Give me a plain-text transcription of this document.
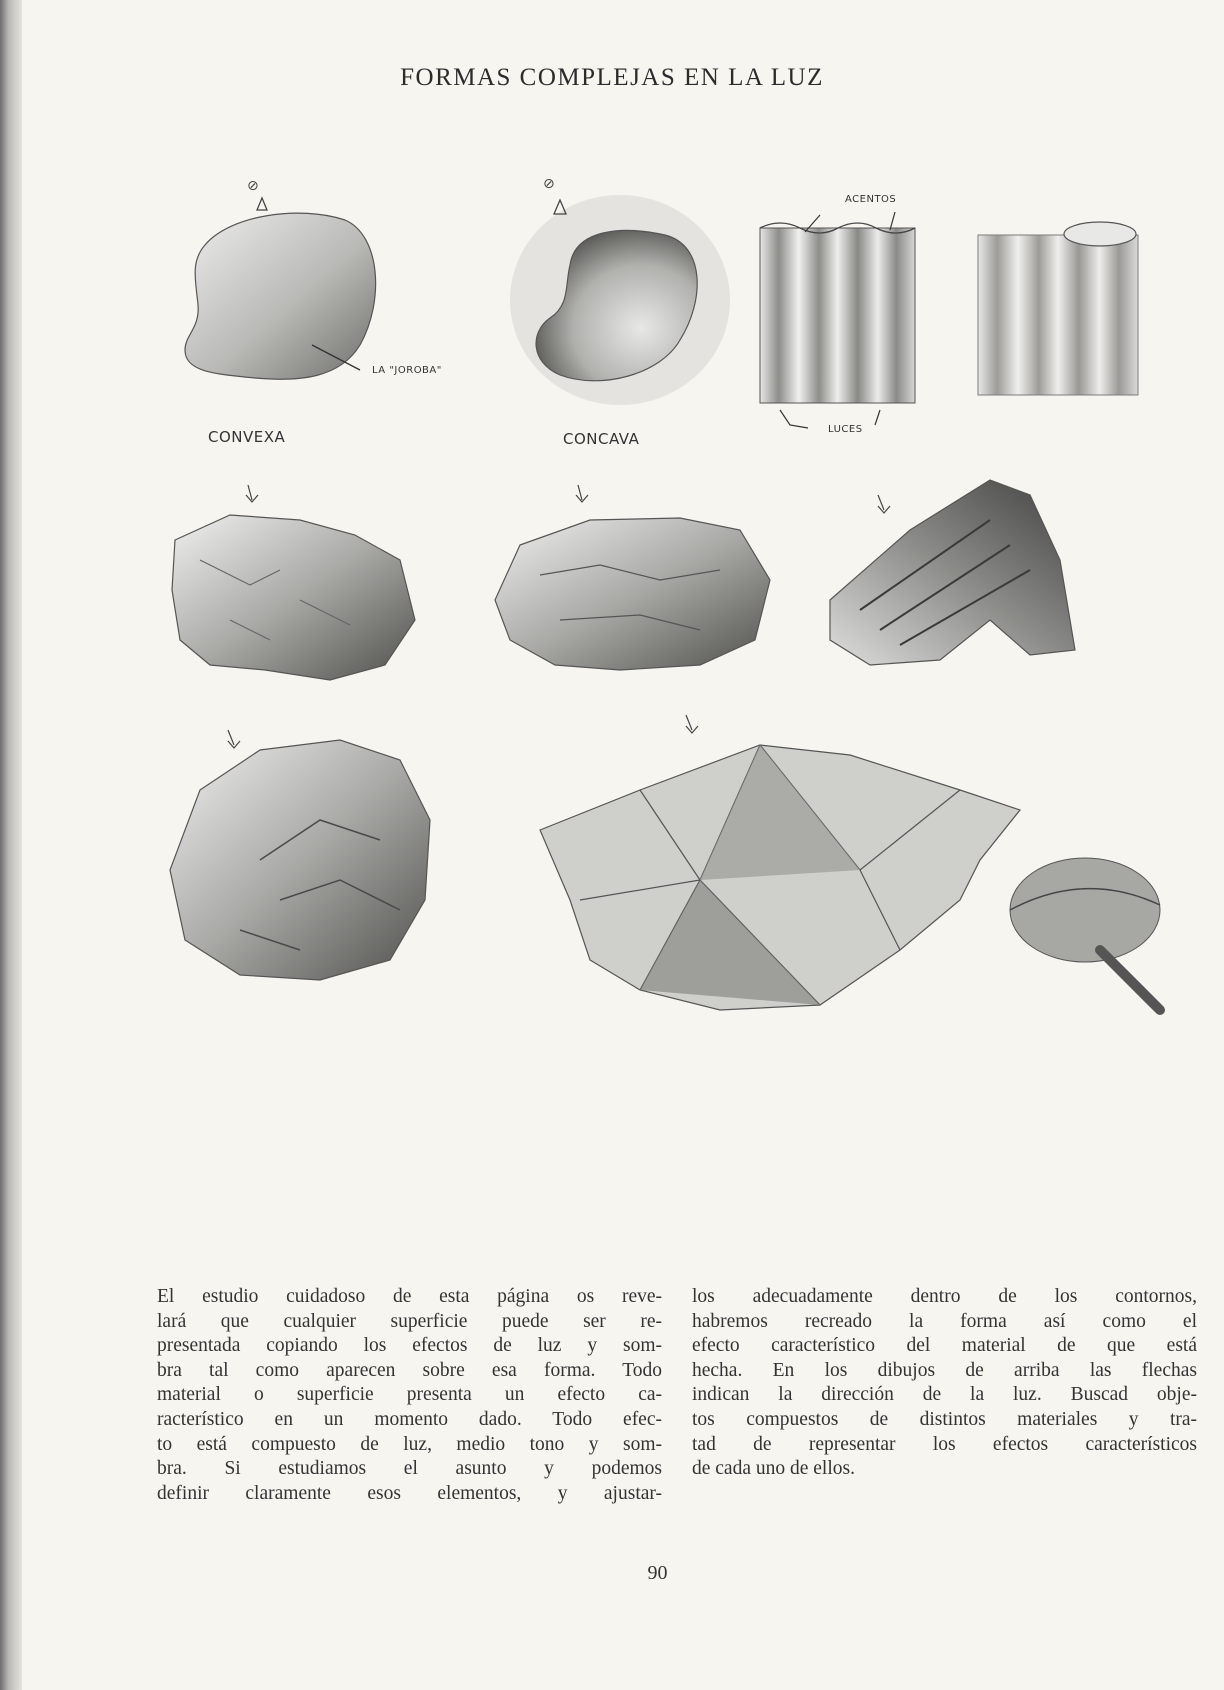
FORMAS COMPLEJAS EN LA LUZ
⊘	⊘
CONVEXA	CONCAVA
LA "JOROBA"
ACENTOS
LUCES
El estudio cuidadoso de esta página os reve-
lará que cualquier superficie puede ser re-
presentada copiando los efectos de luz y som-
bra tal como aparecen sobre esa forma. Todo
material o superficie presenta un efecto ca-
racterístico en un momento dado. Todo efec-
to está compuesto de luz, medio tono y som-
bra. Si estudiamos el asunto y podemos
definir claramente esos elementos, y ajustar-
los adecuadamente dentro de los contornos,
habremos recreado la forma así como el
efecto característico del material de que está
hecha. En los dibujos de arriba las flechas
indican la dirección de la luz. Buscad obje-
tos compuestos de distintos materiales y tra-
tad de representar los efectos característicos
de cada uno de ellos.
90
